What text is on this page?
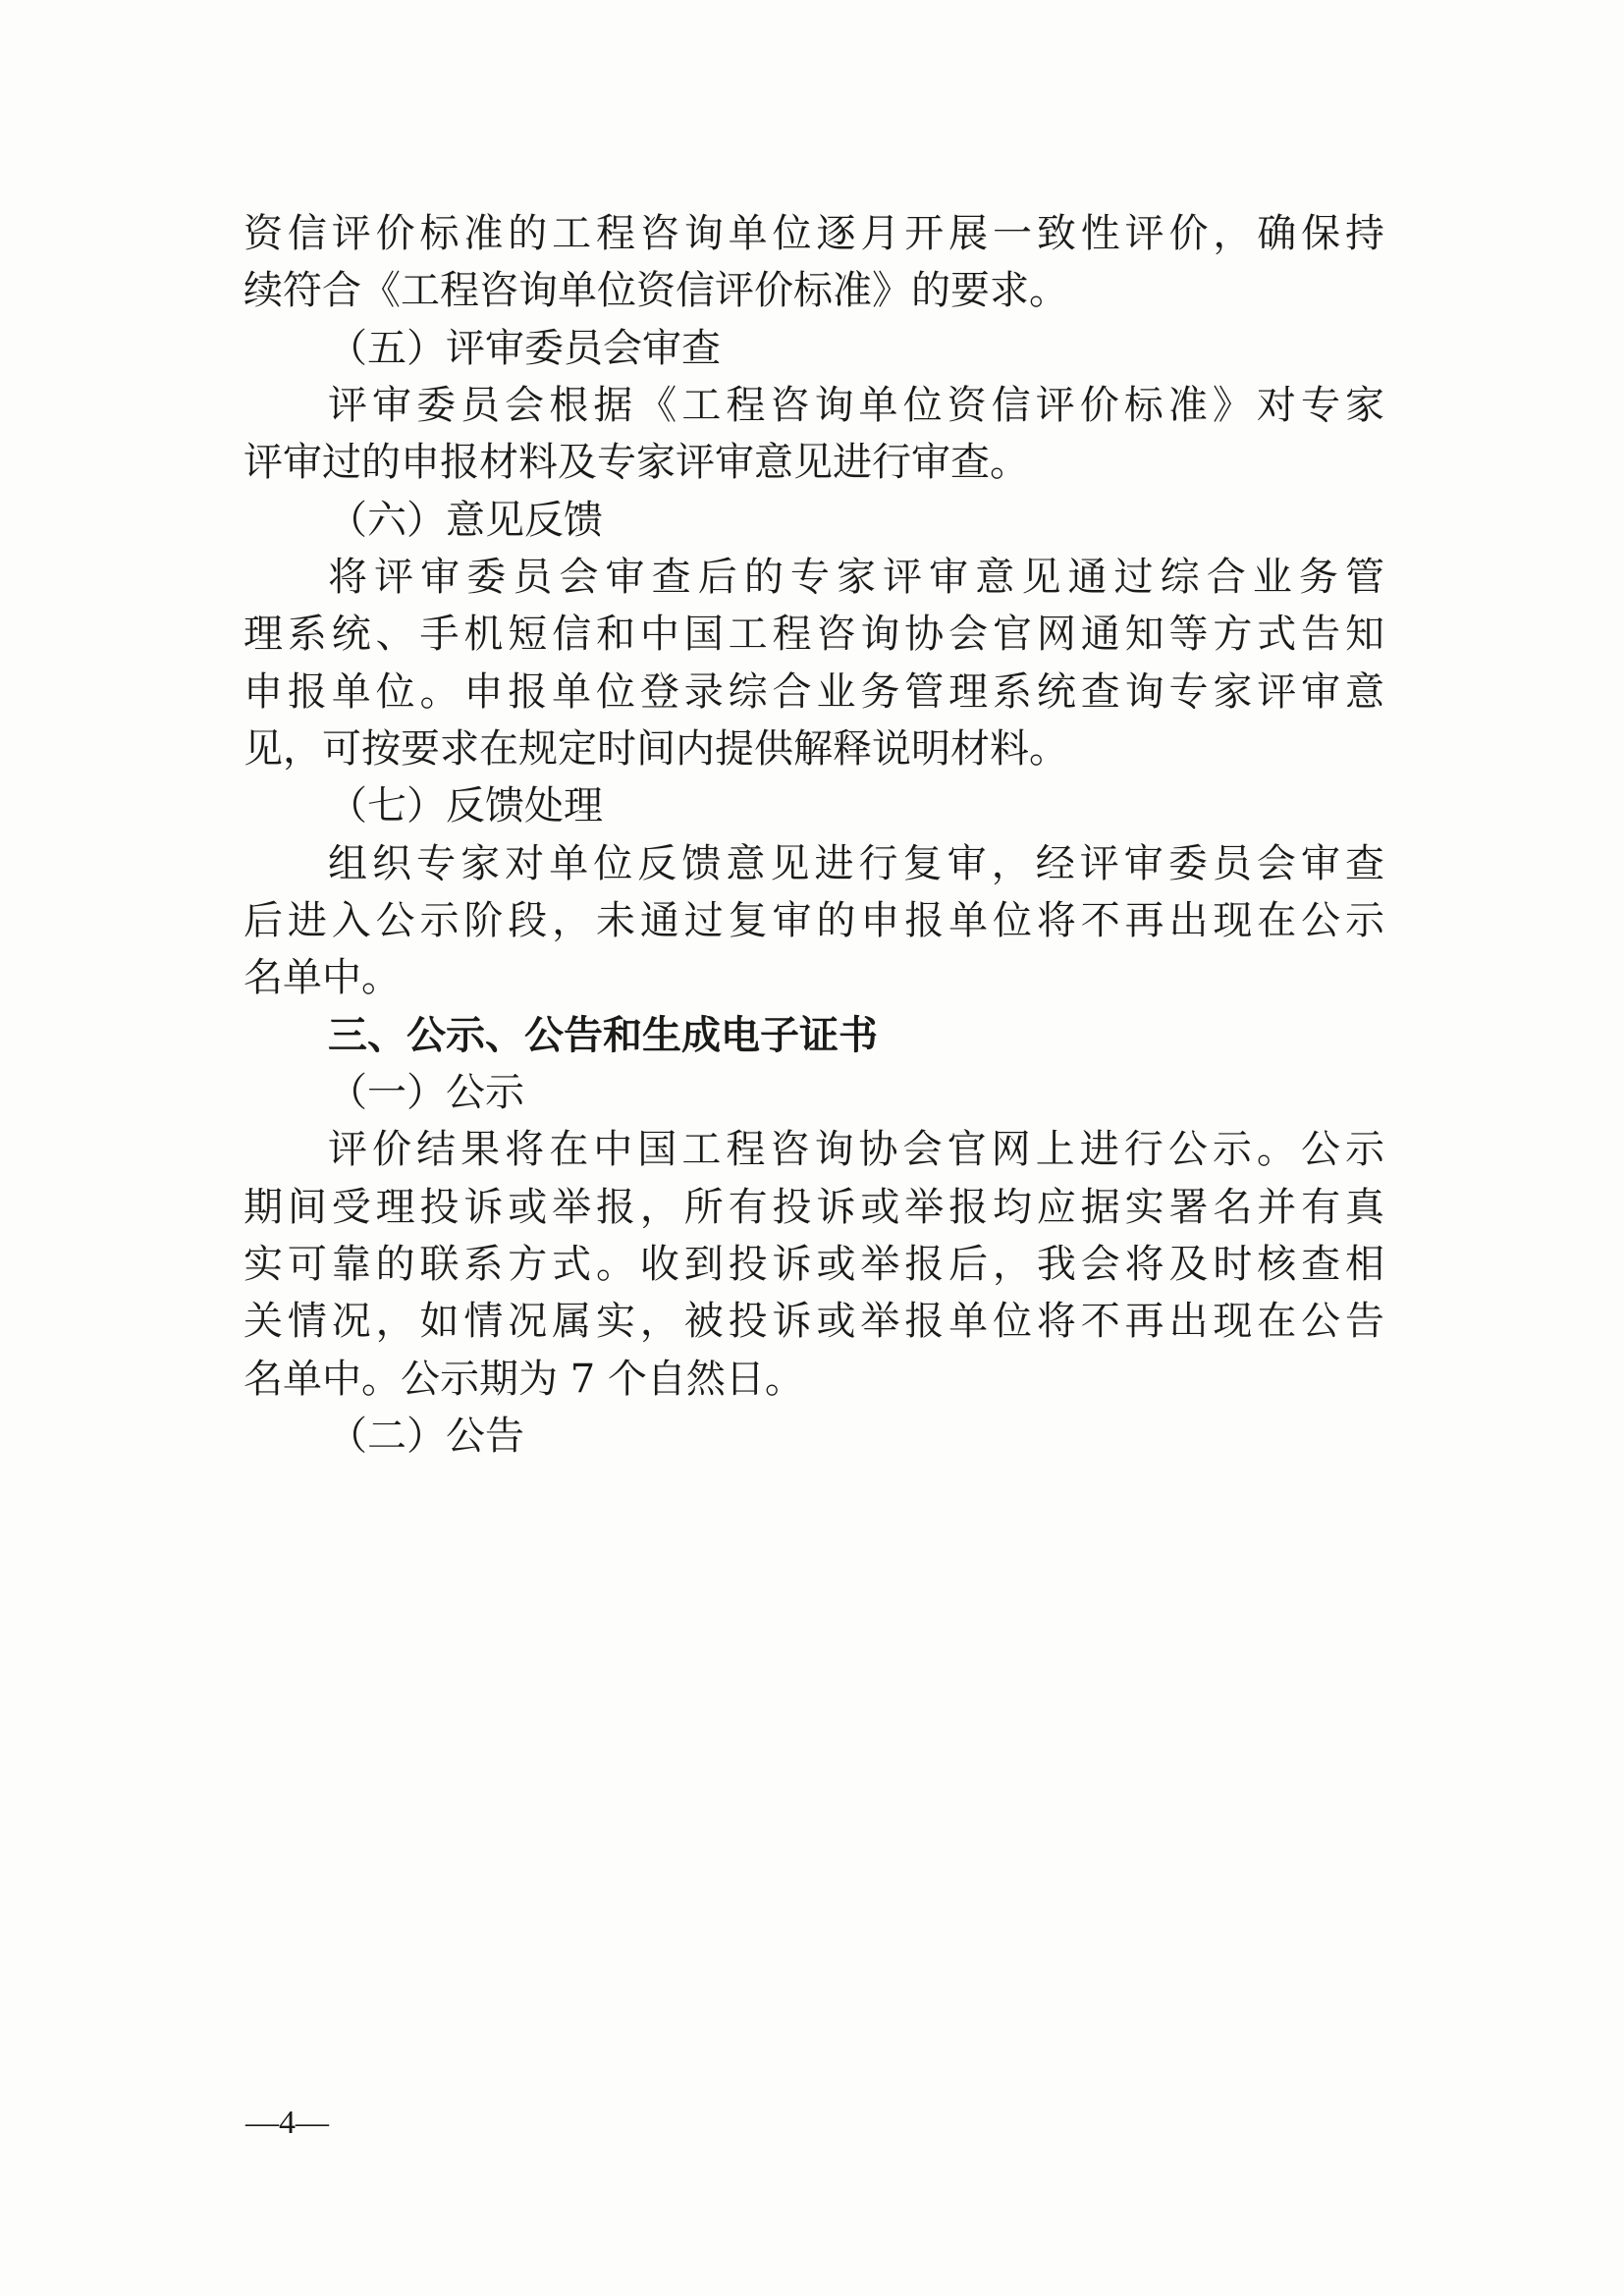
资信评价标准的工程咨询单位逐月开展一致性评价，确保持
续符合《工程咨询单位资信评价标准》的要求。
（五）评审委员会审查
评审委员会根据《工程咨询单位资信评价标准》对专家
评审过的申报材料及专家评审意见进行审查。
（六）意见反馈
将评审委员会审查后的专家评审意见通过综合业务管
理系统、手机短信和中国工程咨询协会官网通知等方式告知
申报单位。申报单位登录综合业务管理系统查询专家评审意
见，可按要求在规定时间内提供解释说明材料。
（七）反馈处理
组织专家对单位反馈意见进行复审，经评审委员会审查
后进入公示阶段，未通过复审的申报单位将不再出现在公示
名单中。
三、公示、公告和生成电子证书
（一）公示
评价结果将在中国工程咨询协会官网上进行公示。公示
期间受理投诉或举报，所有投诉或举报均应据实署名并有真
实可靠的联系方式。收到投诉或举报后，我会将及时核查相
关情况，如情况属实，被投诉或举报单位将不再出现在公告
名单中。公示期为 7 个自然日。
（二）公告
—4—
